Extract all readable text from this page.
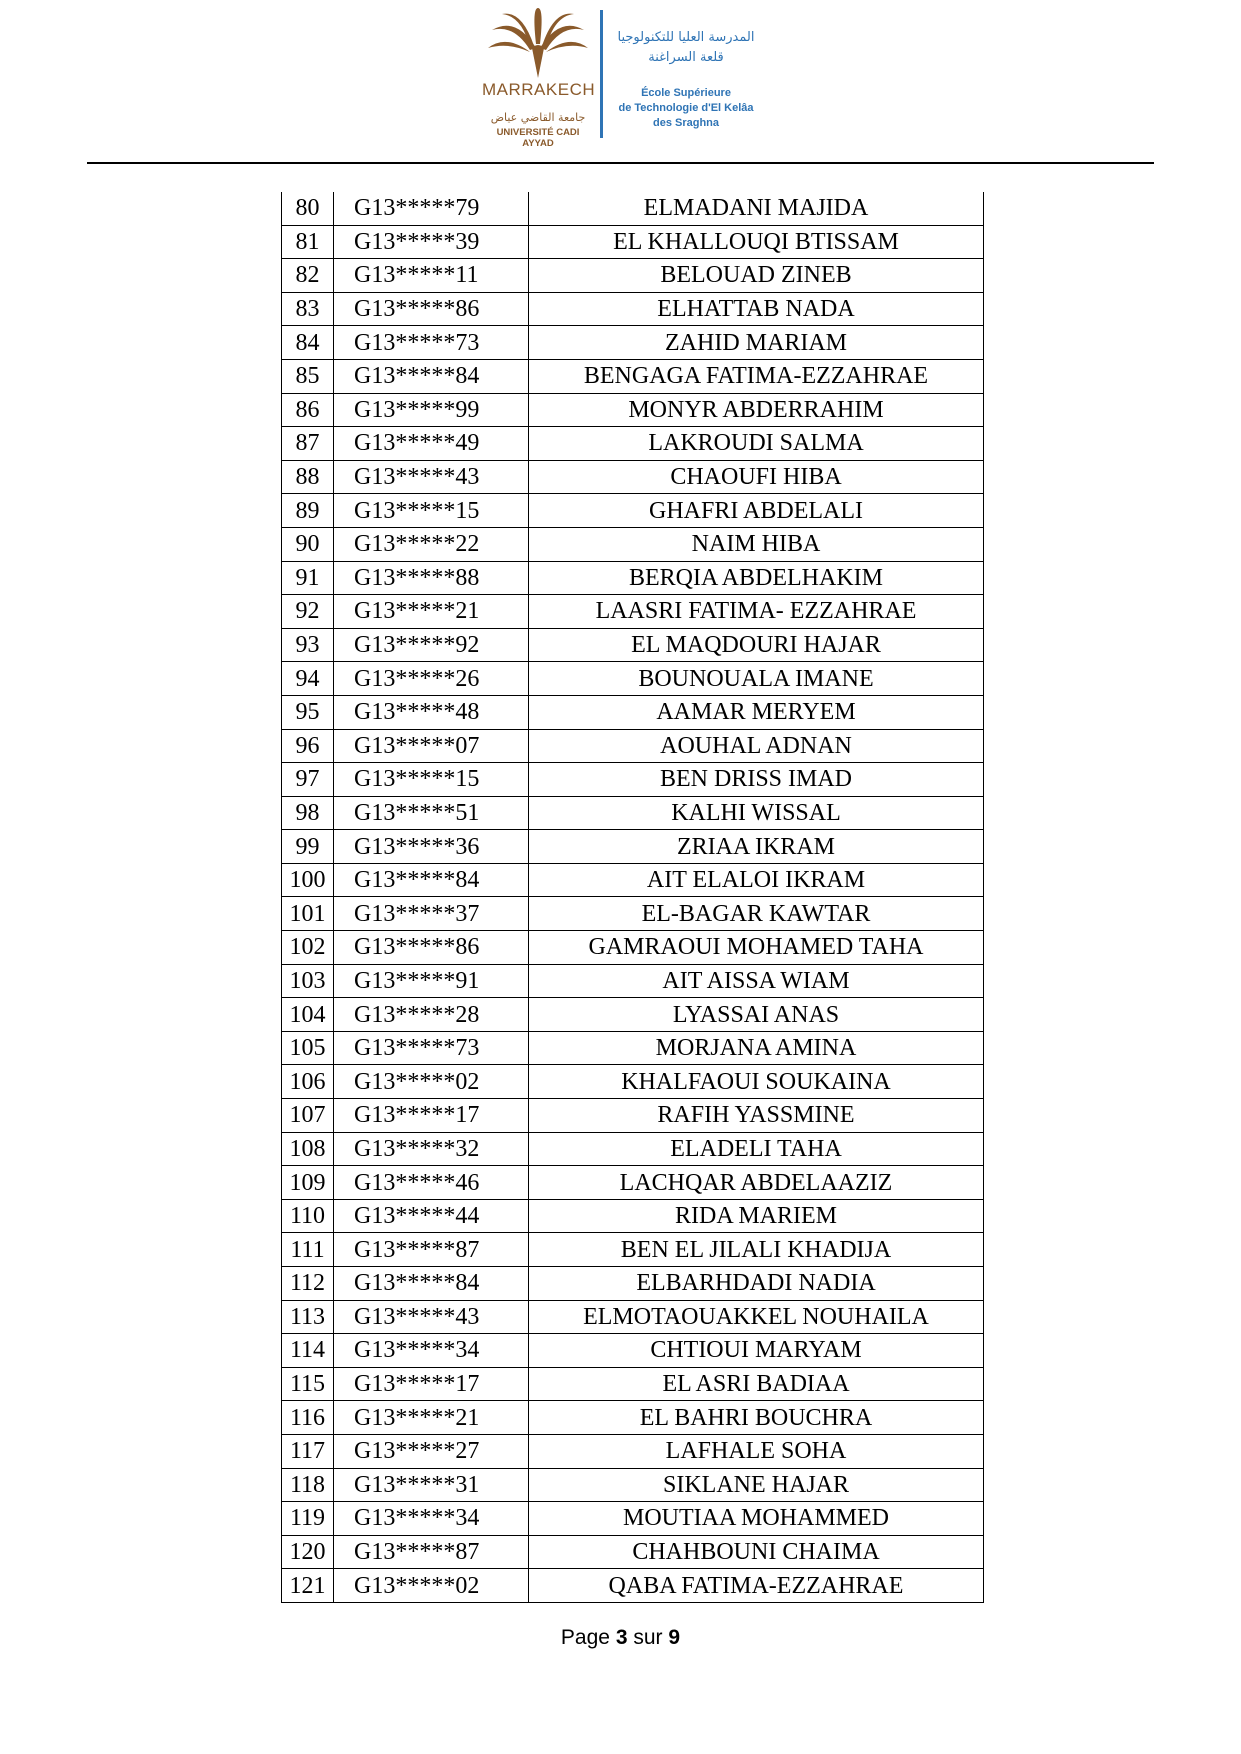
MARRAKECH
جامعة القاضي عياض
UNIVERSITÉ CADI AYYAD
المدرسة العليا للتكنولوجيا
قلعة السراغنة
École Supérieure
de Technologie d'El Kelâa
des Sraghna
80	G13*****79	ELMADANI MAJIDA
81	G13*****39	EL KHALLOUQI BTISSAM
82	G13*****11	BELOUAD ZINEB
83	G13*****86	ELHATTAB NADA
84	G13*****73	ZAHID MARIAM
85	G13*****84	BENGAGA FATIMA-EZZAHRAE
86	G13*****99	MONYR ABDERRAHIM
87	G13*****49	LAKROUDI SALMA
88	G13*****43	CHAOUFI HIBA
89	G13*****15	GHAFRI ABDELALI
90	G13*****22	NAIM HIBA
91	G13*****88	BERQIA ABDELHAKIM
92	G13*****21	LAASRI FATIMA- EZZAHRAE
93	G13*****92	EL MAQDOURI HAJAR
94	G13*****26	BOUNOUALA IMANE
95	G13*****48	AAMAR MERYEM
96	G13*****07	AOUHAL ADNAN
97	G13*****15	BEN DRISS IMAD
98	G13*****51	KALHI WISSAL
99	G13*****36	ZRIAA IKRAM
100	G13*****84	AIT ELALOI IKRAM
101	G13*****37	EL-BAGAR KAWTAR
102	G13*****86	GAMRAOUI MOHAMED TAHA
103	G13*****91	AIT AISSA WIAM
104	G13*****28	LYASSAI ANAS
105	G13*****73	MORJANA AMINA
106	G13*****02	KHALFAOUI SOUKAINA
107	G13*****17	RAFIH YASSMINE
108	G13*****32	ELADELI TAHA
109	G13*****46	LACHQAR ABDELAAZIZ
110	G13*****44	RIDA MARIEM
111	G13*****87	BEN EL JILALI KHADIJA
112	G13*****84	ELBARHDADI NADIA
113	G13*****43	ELMOTAOUAKKEL NOUHAILA
114	G13*****34	CHTIOUI MARYAM
115	G13*****17	EL ASRI BADIAA
116	G13*****21	EL BAHRI BOUCHRA
117	G13*****27	LAFHALE SOHA
118	G13*****31	SIKLANE HAJAR
119	G13*****34	MOUTIAA MOHAMMED
120	G13*****87	CHAHBOUNI CHAIMA
121	G13*****02	QABA FATIMA-EZZAHRAE
Page 3 sur 9
